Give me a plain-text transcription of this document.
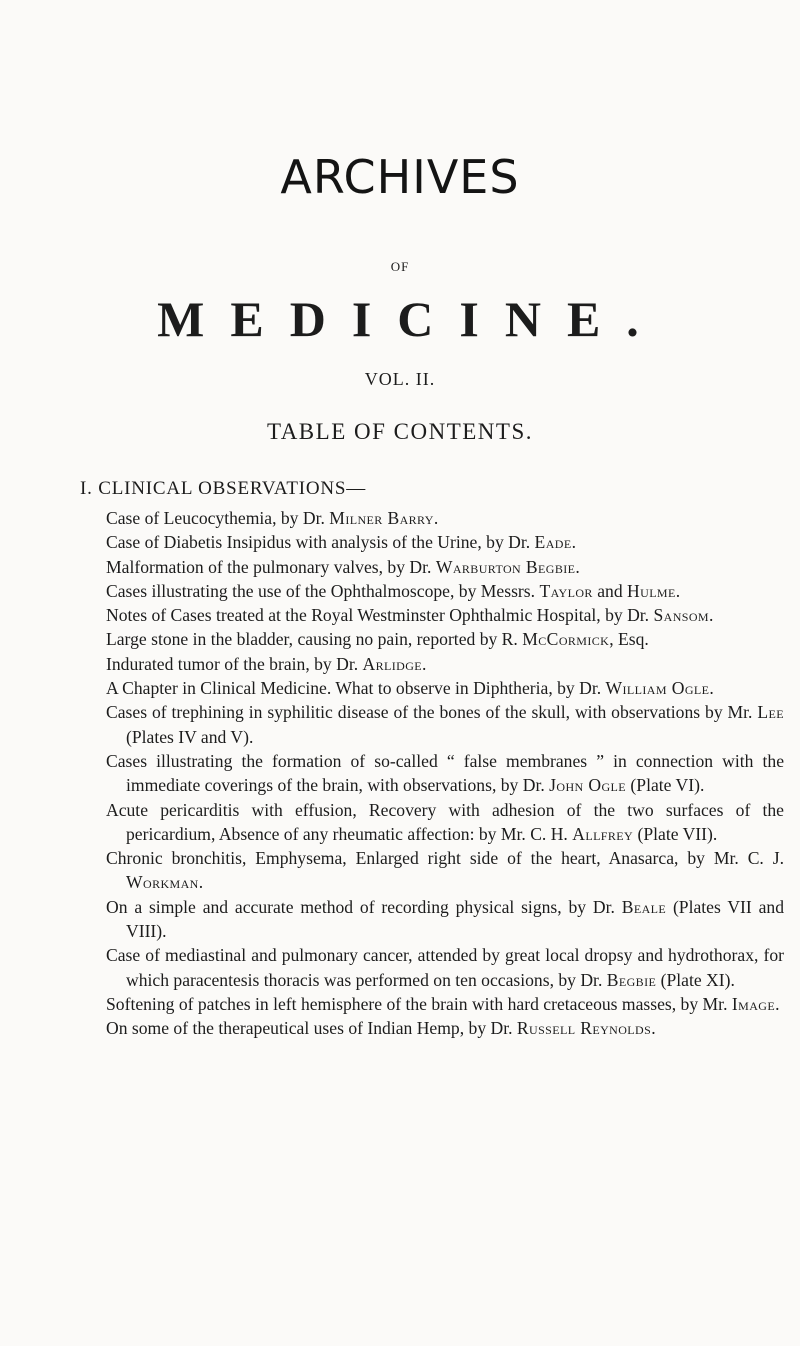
ARCHIVES
OF
MEDICINE.
VOL. II.
TABLE OF CONTENTS.
I. CLINICAL OBSERVATIONS—
Case of Leucocythemia, by Dr. Milner Barry.
Case of Diabetis Insipidus with analysis of the Urine, by Dr. Eade.
Malformation of the pulmonary valves, by Dr. Warburton Begbie.
Cases illustrating the use of the Ophthalmoscope, by Messrs. Taylor and Hulme.
Notes of Cases treated at the Royal Westminster Ophthalmic Hospital, by Dr. Sansom.
Large stone in the bladder, causing no pain, reported by R. McCormick, Esq.
Indurated tumor of the brain, by Dr. Arlidge.
A Chapter in Clinical Medicine. What to observe in Diphtheria, by Dr. William Ogle.
Cases of trephining in syphilitic disease of the bones of the skull, with observations by Mr. Lee (Plates IV and V).
Cases illustrating the formation of so-called “ false membranes ” in connection with the immediate coverings of the brain, with observations, by Dr. John Ogle (Plate VI).
Acute pericarditis with effusion, Recovery with adhesion of the two surfaces of the pericardium, Absence of any rheumatic affection: by Mr. C. H. Allfrey (Plate VII).
Chronic bronchitis, Emphysema, Enlarged right side of the heart, Anasarca, by Mr. C. J. Workman.
On a simple and accurate method of recording physical signs, by Dr. Beale (Plates VII and VIII).
Case of mediastinal and pulmonary cancer, attended by great local dropsy and hydrothorax, for which paracentesis thoracis was performed on ten occasions, by Dr. Begbie (Plate XI).
Softening of patches in left hemisphere of the brain with hard cretaceous masses, by Mr. Image.
On some of the therapeutical uses of Indian Hemp, by Dr. Russell Reynolds.
